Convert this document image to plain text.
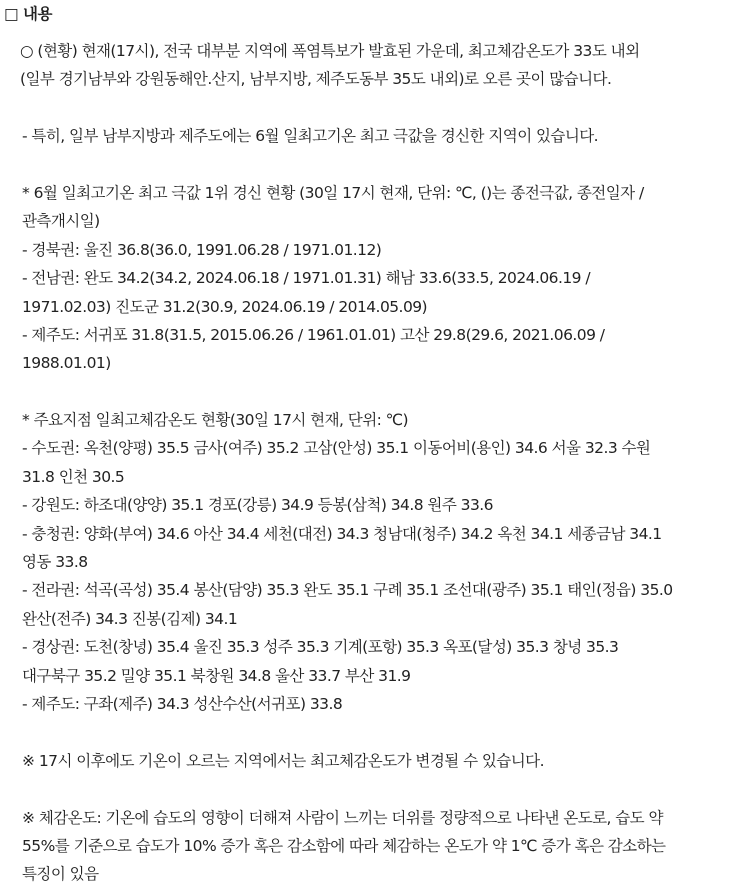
□ 내용
○ (현황) 현재(17시), 전국 대부분 지역에 폭염특보가 발효된 가운데, 최고체감온도가 33도 내외
(일부 경기남부와 강원동해안.산지, 남부지방, 제주도동부 35도 내외)로 오른 곳이 많습니다.
- 특히, 일부 남부지방과 제주도에는 6월 일최고기온 최고 극값을 경신한 지역이 있습니다.
* 6월 일최고기온 최고 극값 1위 경신 현황 (30일 17시 현재, 단위: ℃, ()는 종전극값, 종전일자 /
관측개시일)
- 경북권: 울진 36.8(36.0, 1991.06.28 / 1971.01.12)
- 전남권: 완도 34.2(34.2, 2024.06.18 / 1971.01.31) 해남 33.6(33.5, 2024.06.19 /
1971.02.03) 진도군 31.2(30.9, 2024.06.19 / 2014.05.09)
- 제주도: 서귀포 31.8(31.5, 2015.06.26 / 1961.01.01) 고산 29.8(29.6, 2021.06.09 /
1988.01.01)
* 주요지점 일최고체감온도 현황(30일 17시 현재, 단위: ℃)
- 수도권: 옥천(양평) 35.5 금사(여주) 35.2 고삼(안성) 35.1 이동어비(용인) 34.6 서울 32.3 수원
31.8 인천 30.5
- 강원도: 하조대(양양) 35.1 경포(강릉) 34.9 등봉(삼척) 34.8 원주 33.6
- 충청권: 양화(부여) 34.6 아산 34.4 세천(대전) 34.3 청남대(청주) 34.2 옥천 34.1 세종금남 34.1
영동 33.8
- 전라권: 석곡(곡성) 35.4 봉산(담양) 35.3 완도 35.1 구례 35.1 조선대(광주) 35.1 태인(정읍) 35.0
완산(전주) 34.3 진봉(김제) 34.1
- 경상권: 도천(창녕) 35.4 울진 35.3 성주 35.3 기계(포항) 35.3 옥포(달성) 35.3 창녕 35.3
대구북구 35.2 밀양 35.1 북창원 34.8 울산 33.7 부산 31.9
- 제주도: 구좌(제주) 34.3 성산수산(서귀포) 33.8
※ 17시 이후에도 기온이 오르는 지역에서는 최고체감온도가 변경될 수 있습니다.
※ 체감온도: 기온에 습도의 영향이 더해져 사람이 느끼는 더위를 정량적으로 나타낸 온도로, 습도 약
55%를 기준으로 습도가 10% 증가 혹은 감소함에 따라 체감하는 온도가 약 1℃ 증가 혹은 감소하는
특징이 있음
